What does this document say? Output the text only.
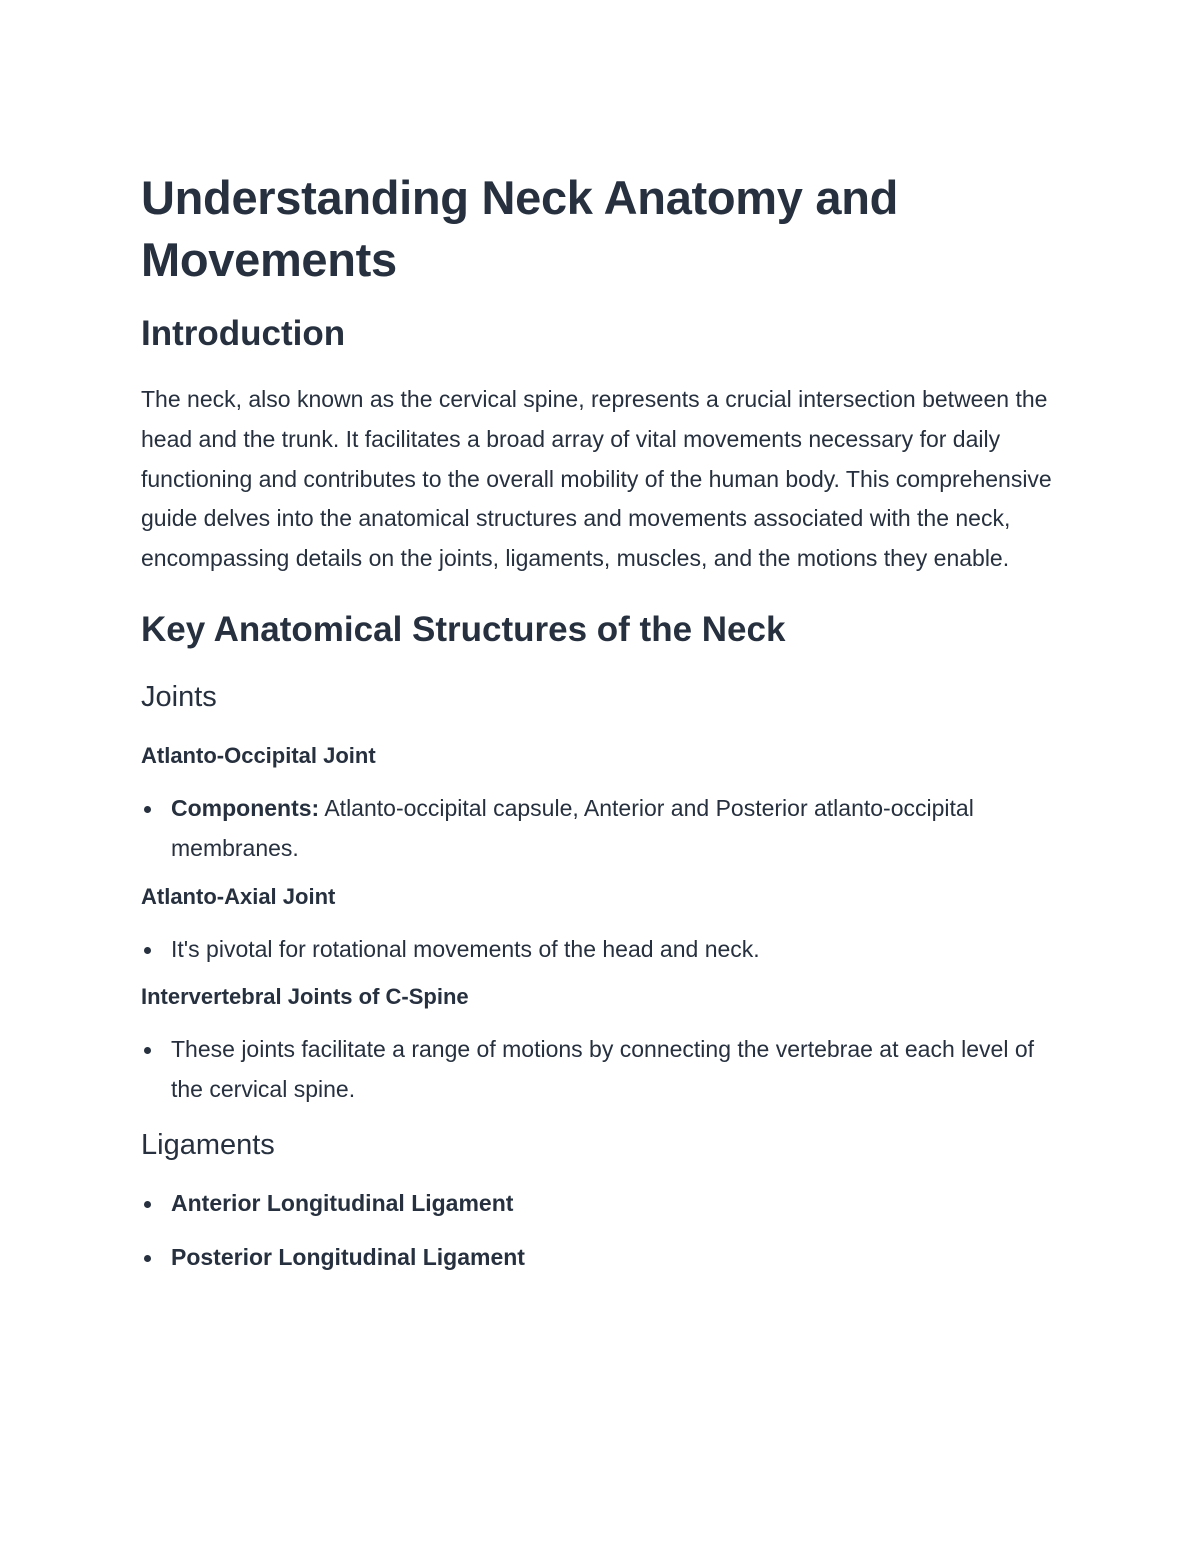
Understanding Neck Anatomy and Movements
Introduction

The neck, also known as the cervical spine, represents a crucial intersection between the head and the trunk. It facilitates a broad array of vital movements necessary for daily functioning and contributes to the overall mobility of the human body. This comprehensive guide delves into the anatomical structures and movements associated with the neck, encompassing details on the joints, ligaments, muscles, and the motions they enable.

Key Anatomical Structures of the Neck
Joints
Atlanto-Occipital Joint
Components: Atlanto-occipital capsule, Anterior and Posterior atlanto-occipital membranes.
Atlanto-Axial Joint
It's pivotal for rotational movements of the head and neck.
Intervertebral Joints of C-Spine
These joints facilitate a range of motions by connecting the vertebrae at each level of the cervical spine.
Ligaments
Anterior Longitudinal Ligament
Posterior Longitudinal Ligament
